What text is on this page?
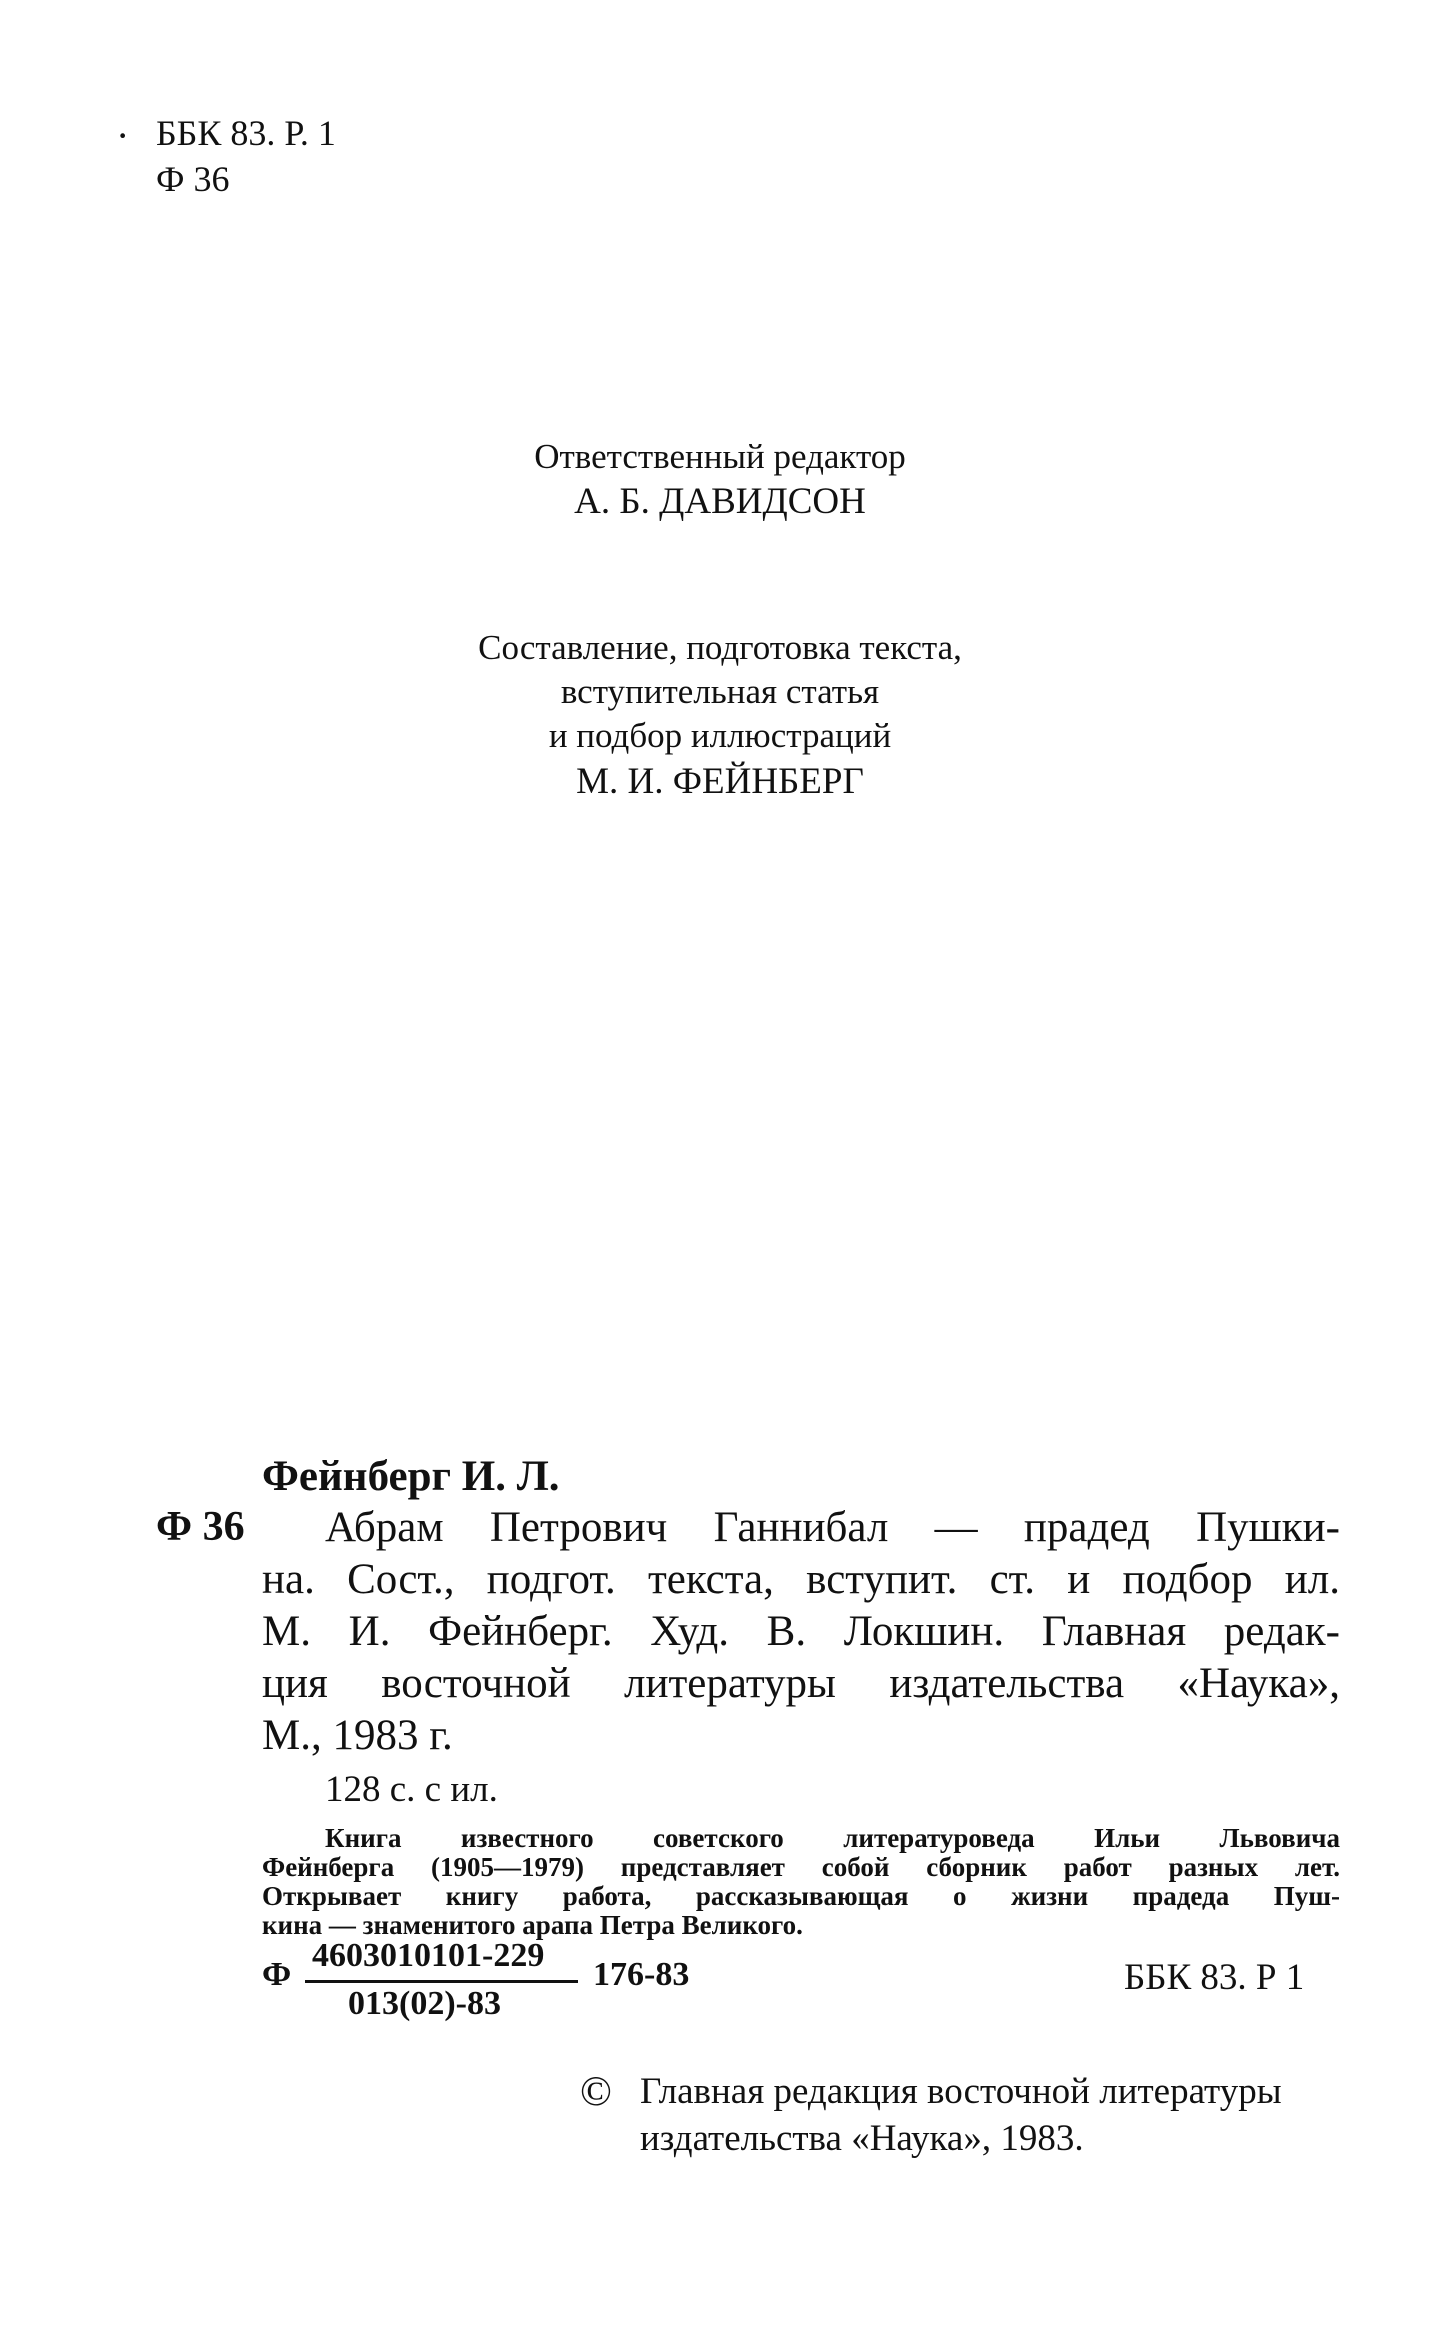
· ББК 83. Р. 1
Ф 36
Ответственный редактор
А. Б. ДАВИДСОН
Составление, подготовка текста,
вступительная статья
и подбор иллюстраций
М. И. ФЕЙНБЕРГ
Фейнберг И. Л.
Ф 36 Абрам Петрович Ганнибал — прадед Пушки-
на. Сост., подгот. текста, вступит. ст. и подбор ил.
М. И. Фейнберг. Худ. В. Локшин. Главная редак-
ция восточной литературы издательства «Наука»,
М., 1983 г.
128 с. с ил.
Книга известного советского литературоведа Ильи Львовича
Фейнберга (1905—1979) представляет собой сборник работ разных лет.
Открывает книгу работа, рассказывающая о жизни прадеда Пуш-
кина — знаменитого арапа Петра Великого.
Ф
4603010101-229
013(02)-83
176-83	ББК 83. Р 1
© Главная редакция восточной литературы
издательства «Наука», 1983.
